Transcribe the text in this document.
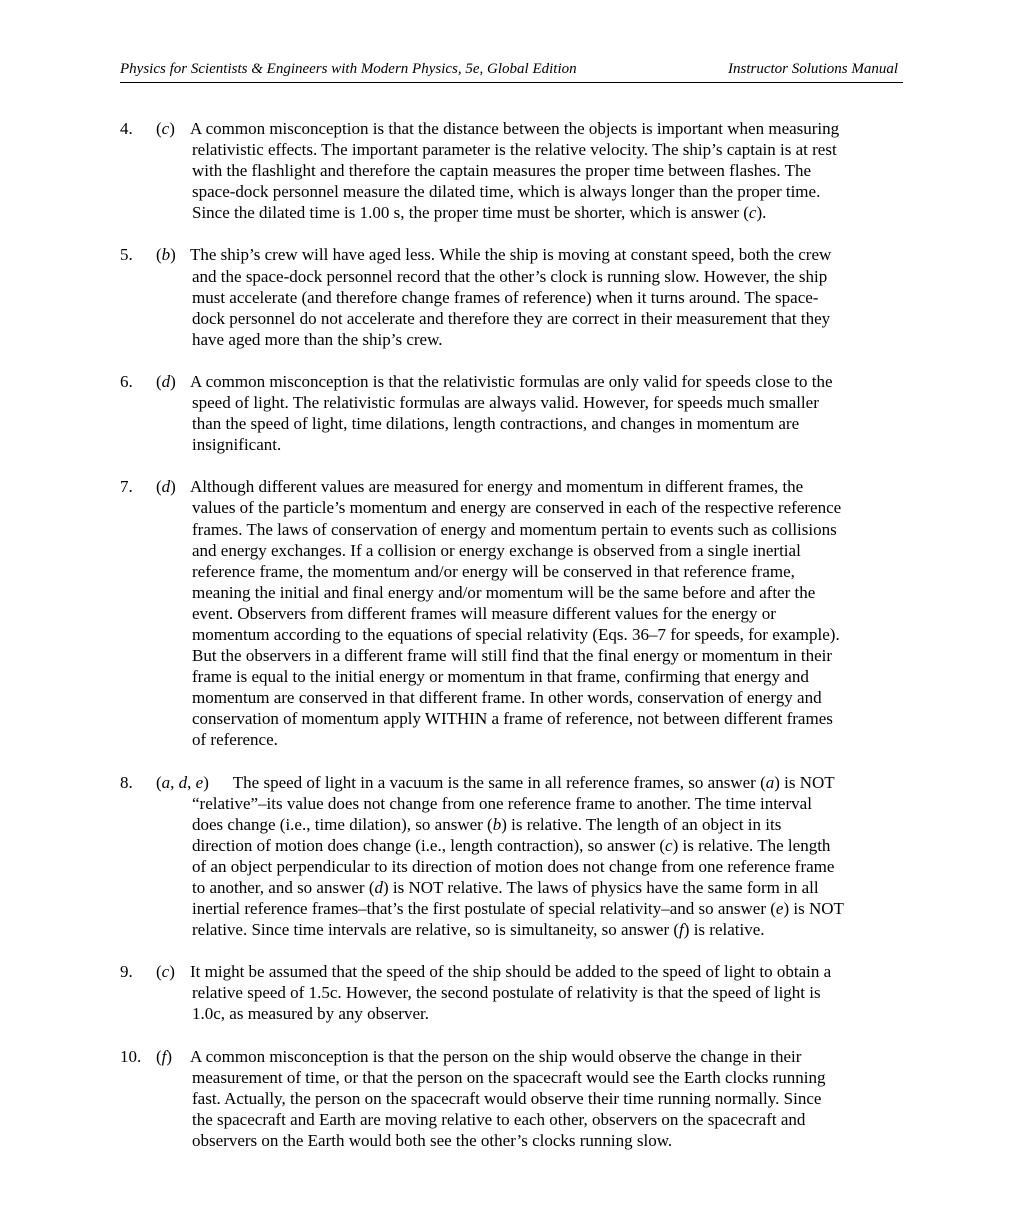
Physics for Scientists & Engineers with Modern Physics, 5e, Global Edition	Instructor Solutions Manual
4. (c) A common misconception is that the distance between the objects is important when measuring
relativistic effects. The important parameter is the relative velocity. The ship’s captain is at rest
with the flashlight and therefore the captain measures the proper time between flashes. The
space-dock personnel measure the dilated time, which is always longer than the proper time.
Since the dilated time is 1.00 s, the proper time must be shorter, which is answer (c).
5. (b) The ship’s crew will have aged less. While the ship is moving at constant speed, both the crew
and the space-dock personnel record that the other’s clock is running slow. However, the ship
must accelerate (and therefore change frames of reference) when it turns around. The space-
dock personnel do not accelerate and therefore they are correct in their measurement that they
have aged more than the ship’s crew.
6. (d) A common misconception is that the relativistic formulas are only valid for speeds close to the
speed of light. The relativistic formulas are always valid. However, for speeds much smaller
than the speed of light, time dilations, length contractions, and changes in momentum are
insignificant.
7. (d) Although different values are measured for energy and momentum in different frames, the
values of the particle’s momentum and energy are conserved in each of the respective reference
frames. The laws of conservation of energy and momentum pertain to events such as collisions
and energy exchanges. If a collision or energy exchange is observed from a single inertial
reference frame, the momentum and/or energy will be conserved in that reference frame,
meaning the initial and final energy and/or momentum will be the same before and after the
event. Observers from different frames will measure different values for the energy or
momentum according to the equations of special relativity (Eqs. 36–7 for speeds, for example).
But the observers in a different frame will still find that the final energy or momentum in their
frame is equal to the initial energy or momentum in that frame, confirming that energy and
momentum are conserved in that different frame. In other words, conservation of energy and
conservation of momentum apply WITHIN a frame of reference, not between different frames
of reference.
8. (a, d, e)	The speed of light in a vacuum is the same in all reference frames, so answer (a) is NOT
“relative”–its value does not change from one reference frame to another. The time interval
does change (i.e., time dilation), so answer (b) is relative. The length of an object in its
direction of motion does change (i.e., length contraction), so answer (c) is relative. The length
of an object perpendicular to its direction of motion does not change from one reference frame
to another, and so answer (d) is NOT relative. The laws of physics have the same form in all
inertial reference frames–that’s the first postulate of special relativity–and so answer (e) is NOT
relative. Since time intervals are relative, so is simultaneity, so answer (f) is relative.
9. (c) It might be assumed that the speed of the ship should be added to the speed of light to obtain a
relative speed of 1.5c. However, the second postulate of relativity is that the speed of light is
1.0c, as measured by any observer.
10. (f) A common misconception is that the person on the ship would observe the change in their
measurement of time, or that the person on the spacecraft would see the Earth clocks running
fast. Actually, the person on the spacecraft would observe their time running normally. Since
the spacecraft and Earth are moving relative to each other, observers on the spacecraft and
observers on the Earth would both see the other’s clocks running slow.
